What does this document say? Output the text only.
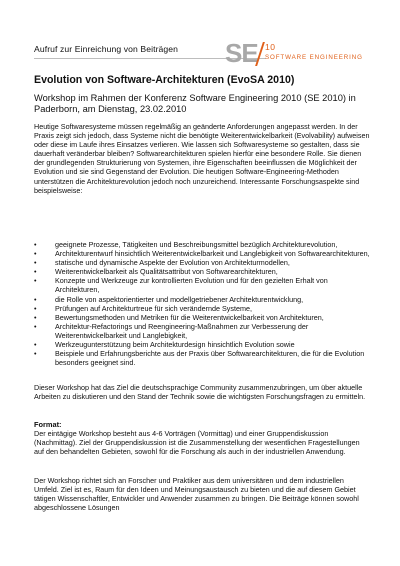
Aufruf zur Einreichung von Beiträgen SE 10
SOFTWARE ENGINEERING
Evolution von Software-Architekturen (EvoSA 2010)
Workshop im Rahmen der Konferenz Software Engineering 2010 (SE 2010) in Paderborn, am Dienstag, 23.02.2010
Heutige Softwaresysteme müssen regelmäßig an geänderte Anforderungen angepasst werden. In der Praxis zeigt sich jedoch, dass Systeme nicht die benötigte Weiterentwickelbarkeit (Evolvability) aufweisen oder diese im Laufe ihres Einsatzes verlieren. Wie lassen sich Softwaresysteme so gestalten, dass sie dauerhaft veränderbar bleiben? Softwarearchitekturen spielen hierfür eine besondere Rolle. Sie dienen der grundlegenden Strukturierung von Systemen, ihre Eigenschaften beeinflussen die Möglichkeit der Evolution und sie sind Gegenstand der Evolution. Die heutigen Software-Engineering-Methoden unterstützen die Architekturevolution jedoch noch unzureichend. Interessante Forschungsaspekte sind beispielsweise:
•	geeignete Prozesse, Tätigkeiten und Beschreibungsmittel bezüglich Architekturevolution,
•	Architekturentwurf hinsichtlich Weiterentwickelbarkeit und Langlebigkeit von Softwarearchitekturen,
•	statische und dynamische Aspekte der Evolution von Architekturmodellen,
•	Weiterentwickelbarkeit als Qualitätsattribut von Softwarearchitekturen,
•	Konzepte und Werkzeuge zur kontrollierten Evolution und für den gezielten Erhalt von Architekturen,
•	die Rolle von aspektorientierter und modellgetriebener Architekturentwicklung,
•	Prüfungen auf Architekturtreue für sich verändernde Systeme,
•	Bewertungsmethoden und Metriken für die Weiterentwickelbarkeit von Architekturen,
•	Architektur-Refactorings und Reengineering-Maßnahmen zur Verbesserung der Weiterentwickelbarkeit und Langlebigkeit,
•	Werkzeugunterstützung beim Architekturdesign hinsichtlich Evolution sowie
•	Beispiele und Erfahrungsberichte aus der Praxis über Softwarearchitekturen, die für die Evolution besonders geeignet sind.
Dieser Workshop hat das Ziel die deutschsprachige Community zusammenzubringen, um über aktuelle Arbeiten zu diskutieren und den Stand der Technik sowie die wichtigsten Forschungsfragen zu ermitteln.
Format:
Der eintägige Workshop besteht aus 4-6 Vorträgen (Vormittag) und einer Gruppendiskussion (Nachmittag). Ziel der Gruppendiskussion ist die Zusammenstellung der wesentlichen Fragestellungen auf den behandelten Gebieten, sowohl für die Forschung als auch in der industriellen Anwendung.
Der Workshop richtet sich an Forscher und Praktiker aus dem universitären und dem industriellen Umfeld. Ziel ist es, Raum für den Ideen und Meinungsaustausch zu bieten und die auf diesem Gebiet tätigen Wissenschaftler, Entwickler und Anwender zusammen zu bringen. Die Beiträge können sowohl abgeschlossene Lösungen
